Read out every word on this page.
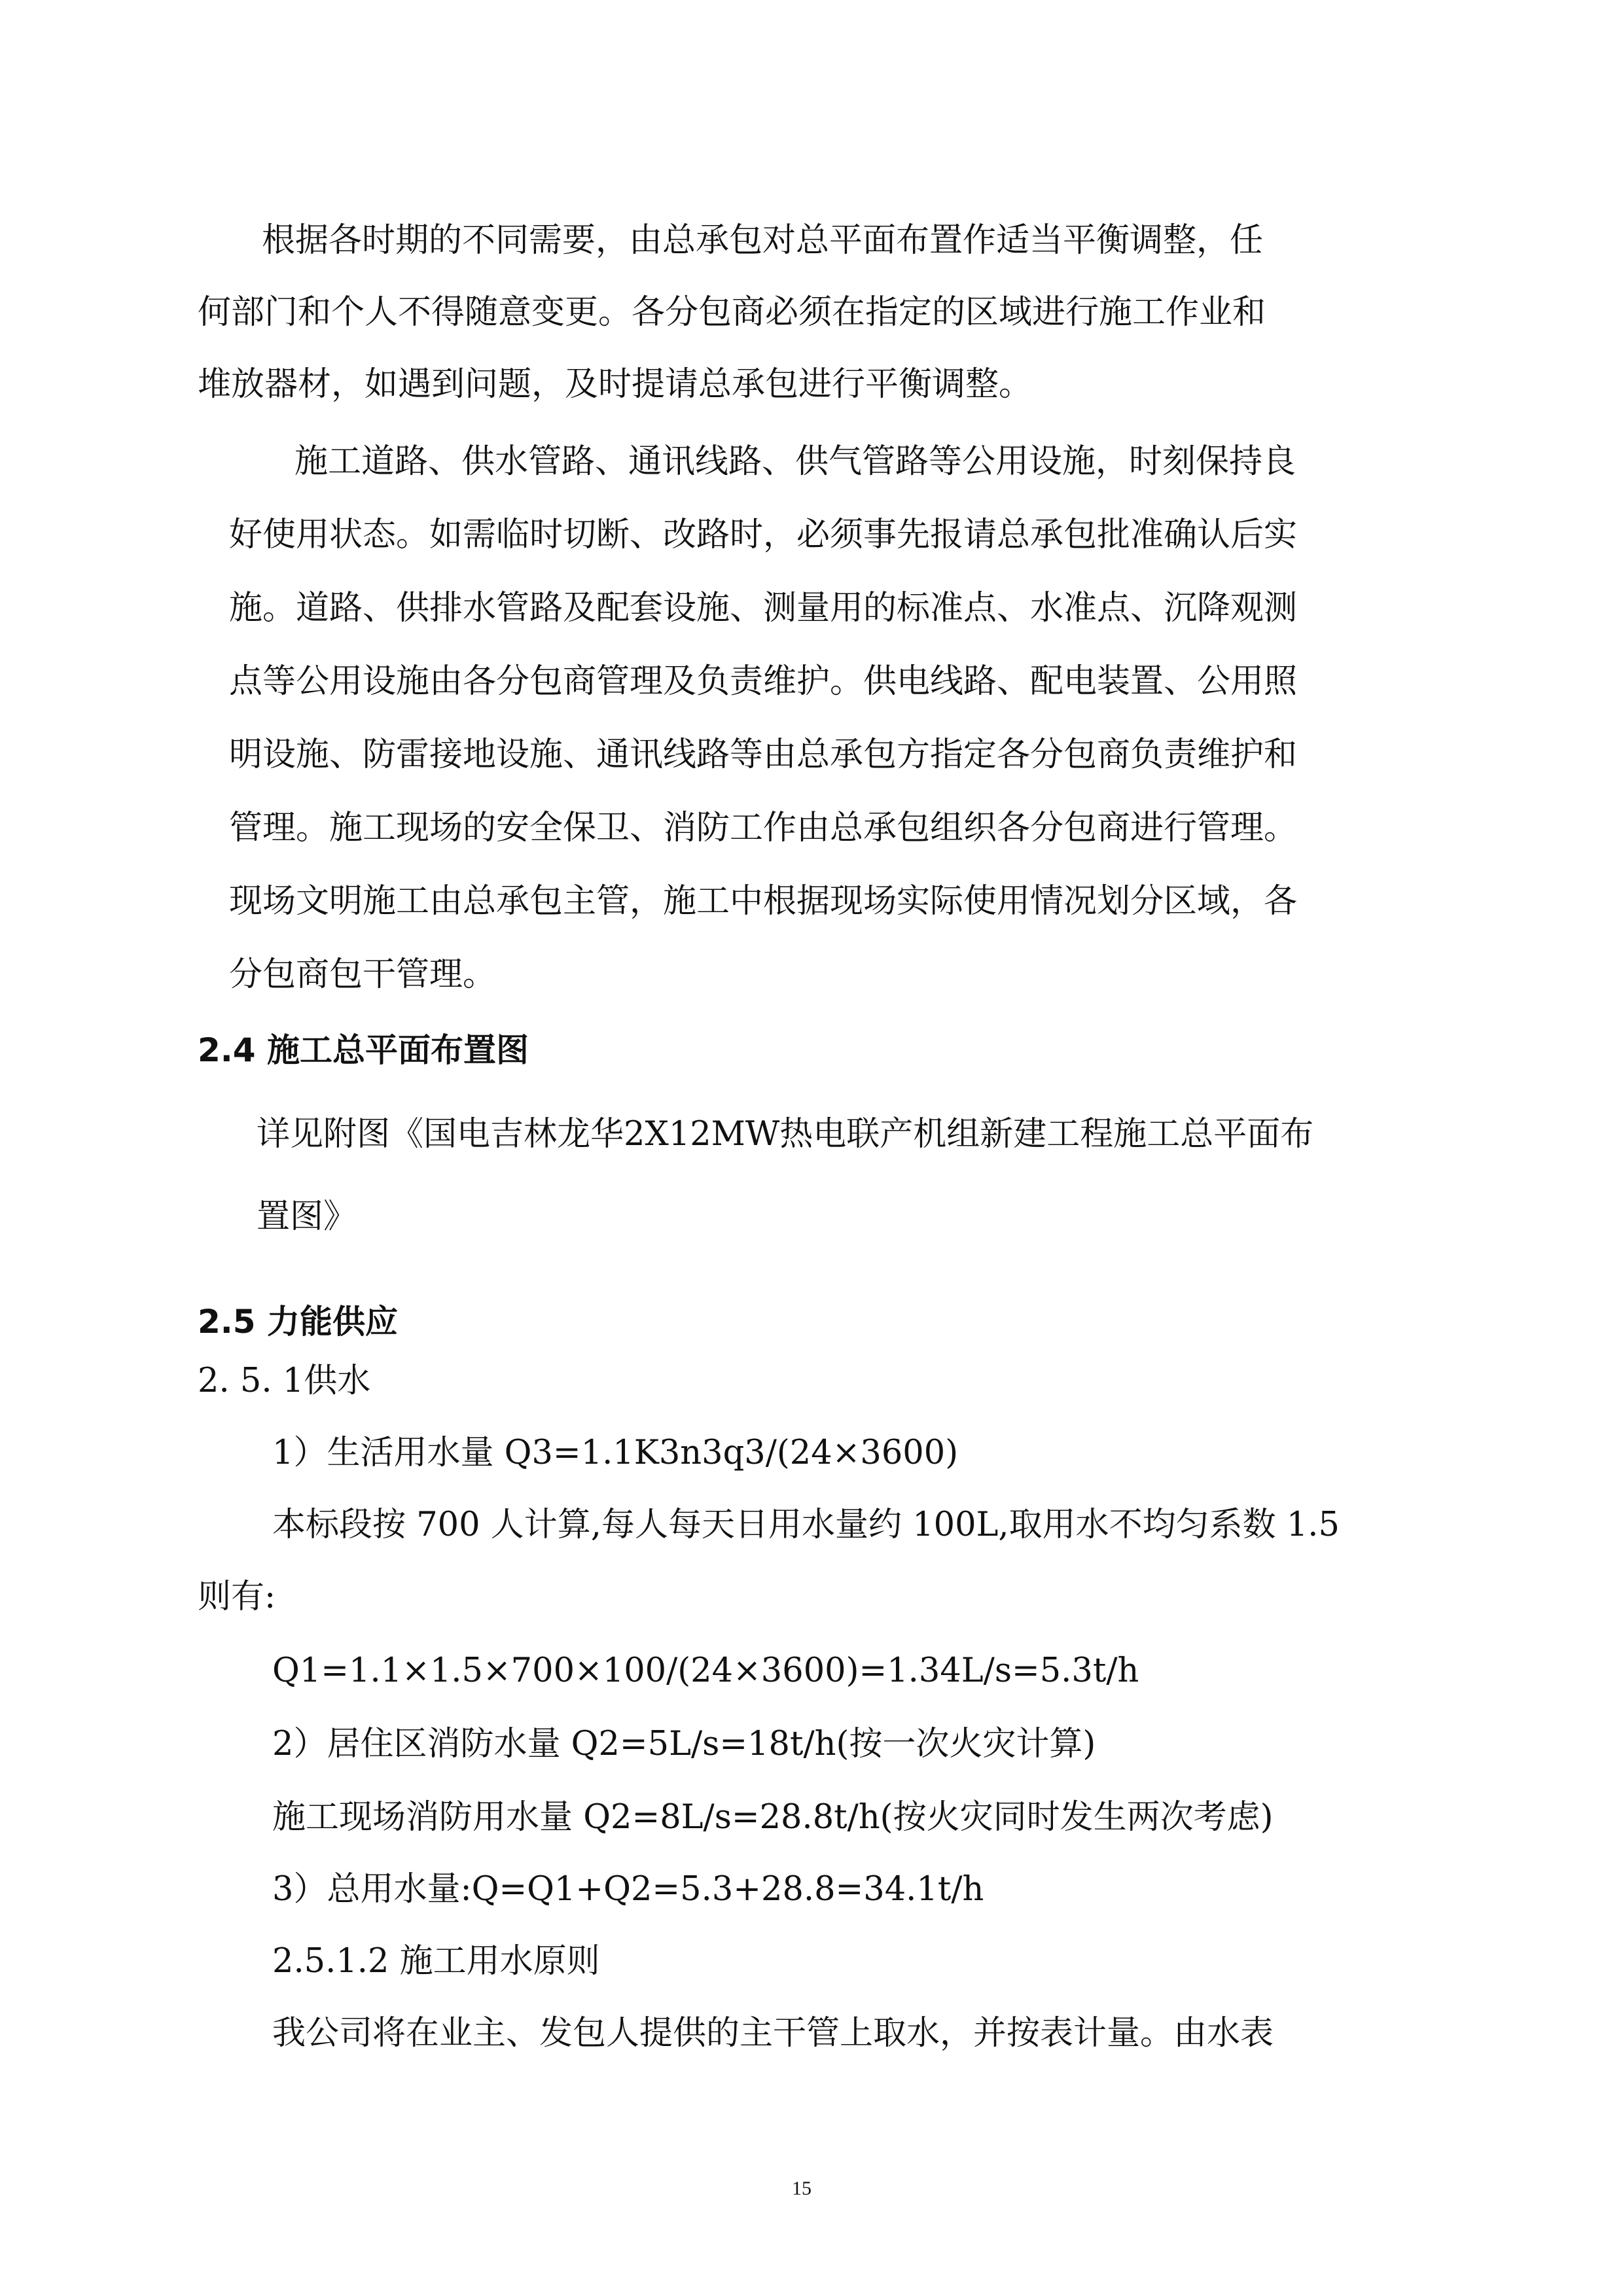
根据各时期的不同需要，由总承包对总平面布置作适当平衡调整，任
何部门和个人不得随意变更。各分包商必须在指定的区域进行施工作业和
堆放器材，如遇到问题，及时提请总承包进行平衡调整。
施工道路、供水管路、通讯线路、供气管路等公用设施，时刻保持良
好使用状态。如需临时切断、改路时，必须事先报请总承包批准确认后实
施。道路、供排水管路及配套设施、测量用的标准点、水准点、沉降观测
点等公用设施由各分包商管理及负责维护。供电线路、配电装置、公用照
明设施、防雷接地设施、通讯线路等由总承包方指定各分包商负责维护和
管理。施工现场的安全保卫、消防工作由总承包组织各分包商进行管理。
现场文明施工由总承包主管，施工中根据现场实际使用情况划分区域，各
分包商包干管理。
2.4 施工总平面布置图
详见附图《国电吉林龙华2X12MW热电联产机组新建工程施工总平面布
置图》
2.5 力能供应
2. 5. 1供水
1）生活用水量 Q3=1.1K3n3q3/(24×3600)
本标段按 700 人计算,每人每天日用水量约 100L,取用水不均匀系数 1.5
则有:
Q1=1.1×1.5×700×100/(24×3600)=1.34L/s=5.3t/h
2）居住区消防水量 Q2=5L/s=18t/h(按一次火灾计算)
施工现场消防用水量 Q2=8L/s=28.8t/h(按火灾同时发生两次考虑)
3）总用水量:Q=Q1+Q2=5.3+28.8=34.1t/h
2.5.1.2 施工用水原则
我公司将在业主、发包人提供的主干管上取水，并按表计量。由水表
15
